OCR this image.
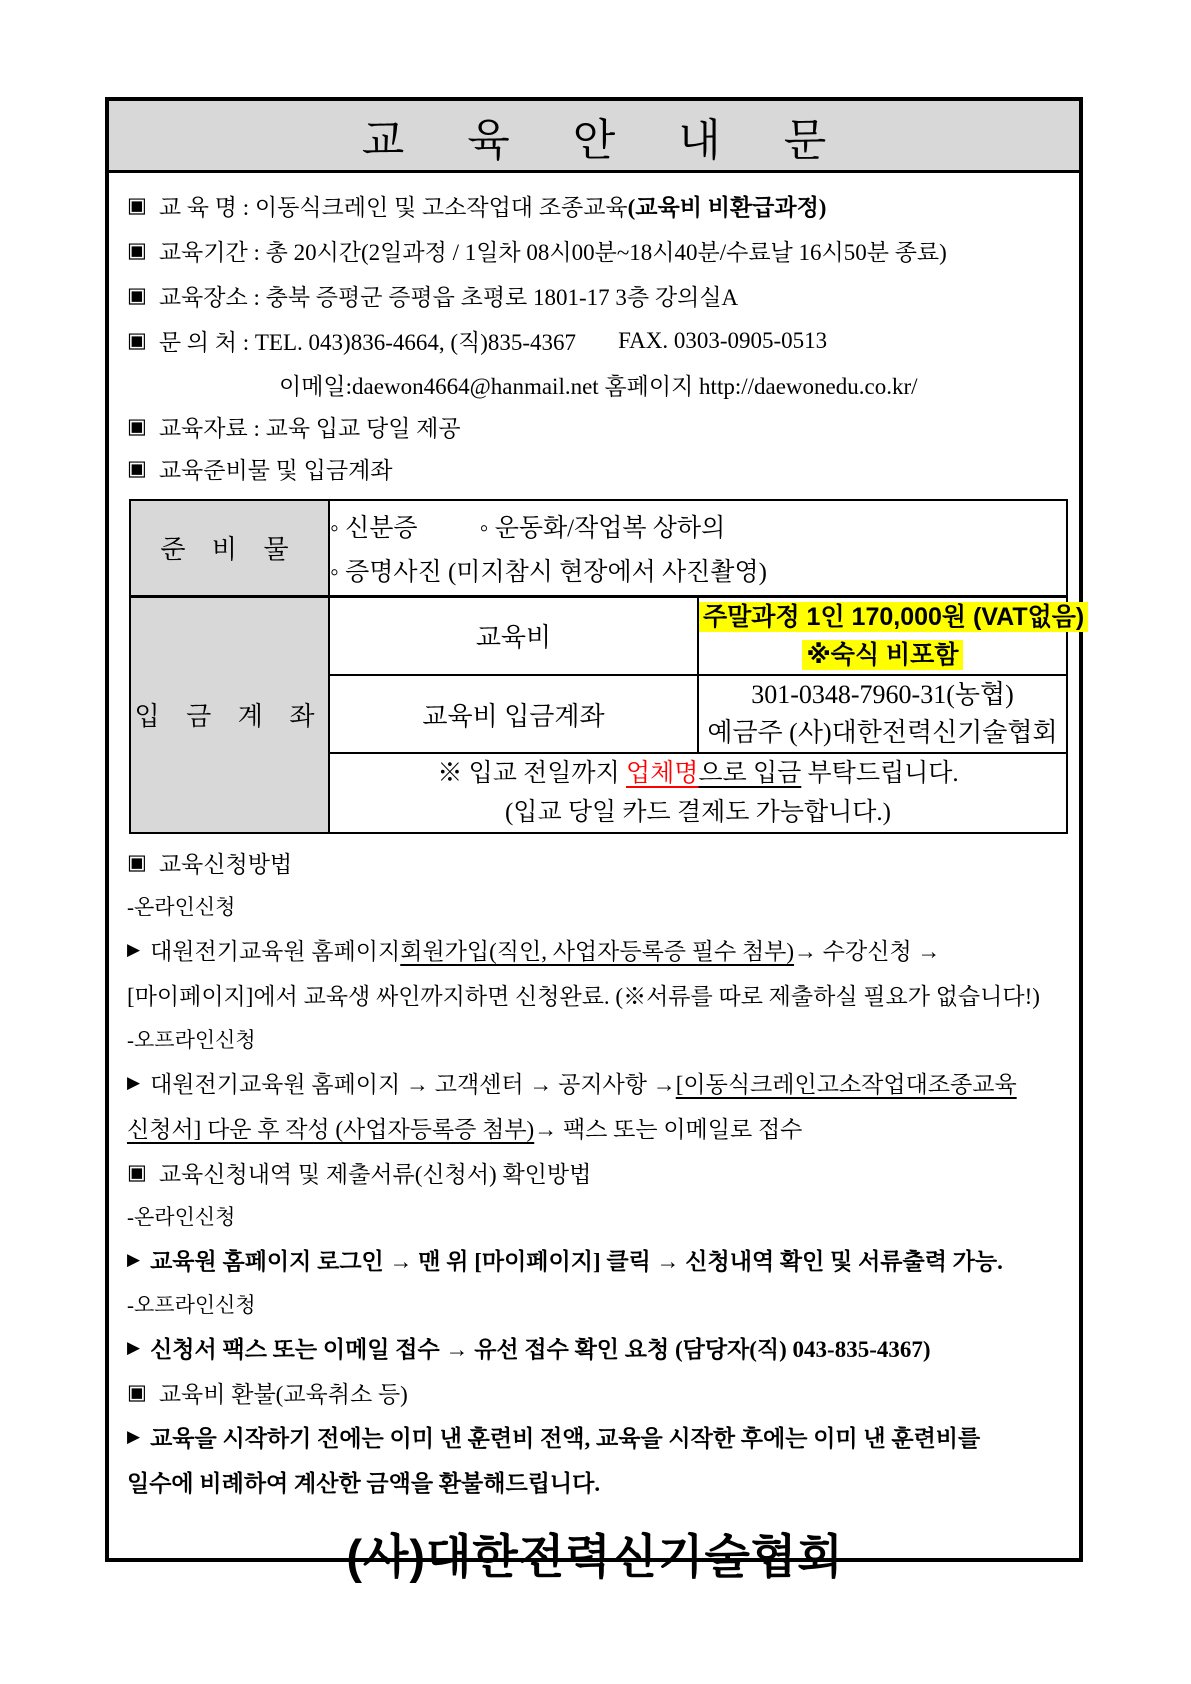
교 육 안 내 문
▣ 교 육 명 : 이동식크레인 및 고소작업대 조종교육 (교육비 비환급과정)
▣ 교육기간 : 총 20시간(2일과정 / 1일차 08시00분~18시40분/수료날 16시50분 종료)
▣ 교육장소 : 충북 증평군 증평읍 초평로 1801-17 3층 강의실A
▣ 문 의 처 : TEL. 043)836-4664, (직)835-4367 FAX. 0303-0905-0513
이메일:daewon4664@hanmail.net 홈페이지 http://daewonedu.co.kr/
▣ 교육자료 : 교육 입교 당일 제공
▣ 교육준비물 및 입금계좌
준 비 물	◦ 신분증 ◦ 운동화/작업복 상하의
◦ 증명사진 (미지참시 현장에서 사진촬영)	

입 금 계 좌	교육비	주말과정 1인 170,000원 (VAT없음)
※숙식 비포함

	교육비 입금계좌	301-0348-7960-31(농협)
예금주 (사)대한전력신기술협회

	※ 입교 전일까지 업체명으로 입금 부탁드립니다.
(입교 당일 카드 결제도 가능합니다.)	
▣ 교육신청방법
-온라인신청
▶ 대원전기교육원 홈페이지 회원가입(직인, 사업자등록증 필수 첨부) → 수강신청 →
[마이페이지]에서 교육생 싸인까지하면 신청완료. (※서류를 따로 제출하실 필요가 없습니다!)
-오프라인신청
▶ 대원전기교육원 홈페이지 → 고객센터 → 공지사항 → [이동식크레인고소작업대조종교육
신청서] 다운 후 작성 (사업자등록증 첨부) → 팩스 또는 이메일로 접수
▣ 교육신청내역 및 제출서류(신청서) 확인방법
-온라인신청
▶ 교육원 홈페이지 로그인 → 맨 위 [마이페이지] 클릭 → 신청내역 확인 및 서류출력 가능.
-오프라인신청
▶ 신청서 팩스 또는 이메일 접수 → 유선 접수 확인 요청 (담당자(직) 043-835-4367)
▣ 교육비 환불(교육취소 등)
▶ 교육을 시작하기 전에는 이미 낸 훈련비 전액, 교육을 시작한 후에는 이미 낸 훈련비를
일수에 비례하여 계산한 금액을 환불해드립니다.
(사)대한전력신기술협회
